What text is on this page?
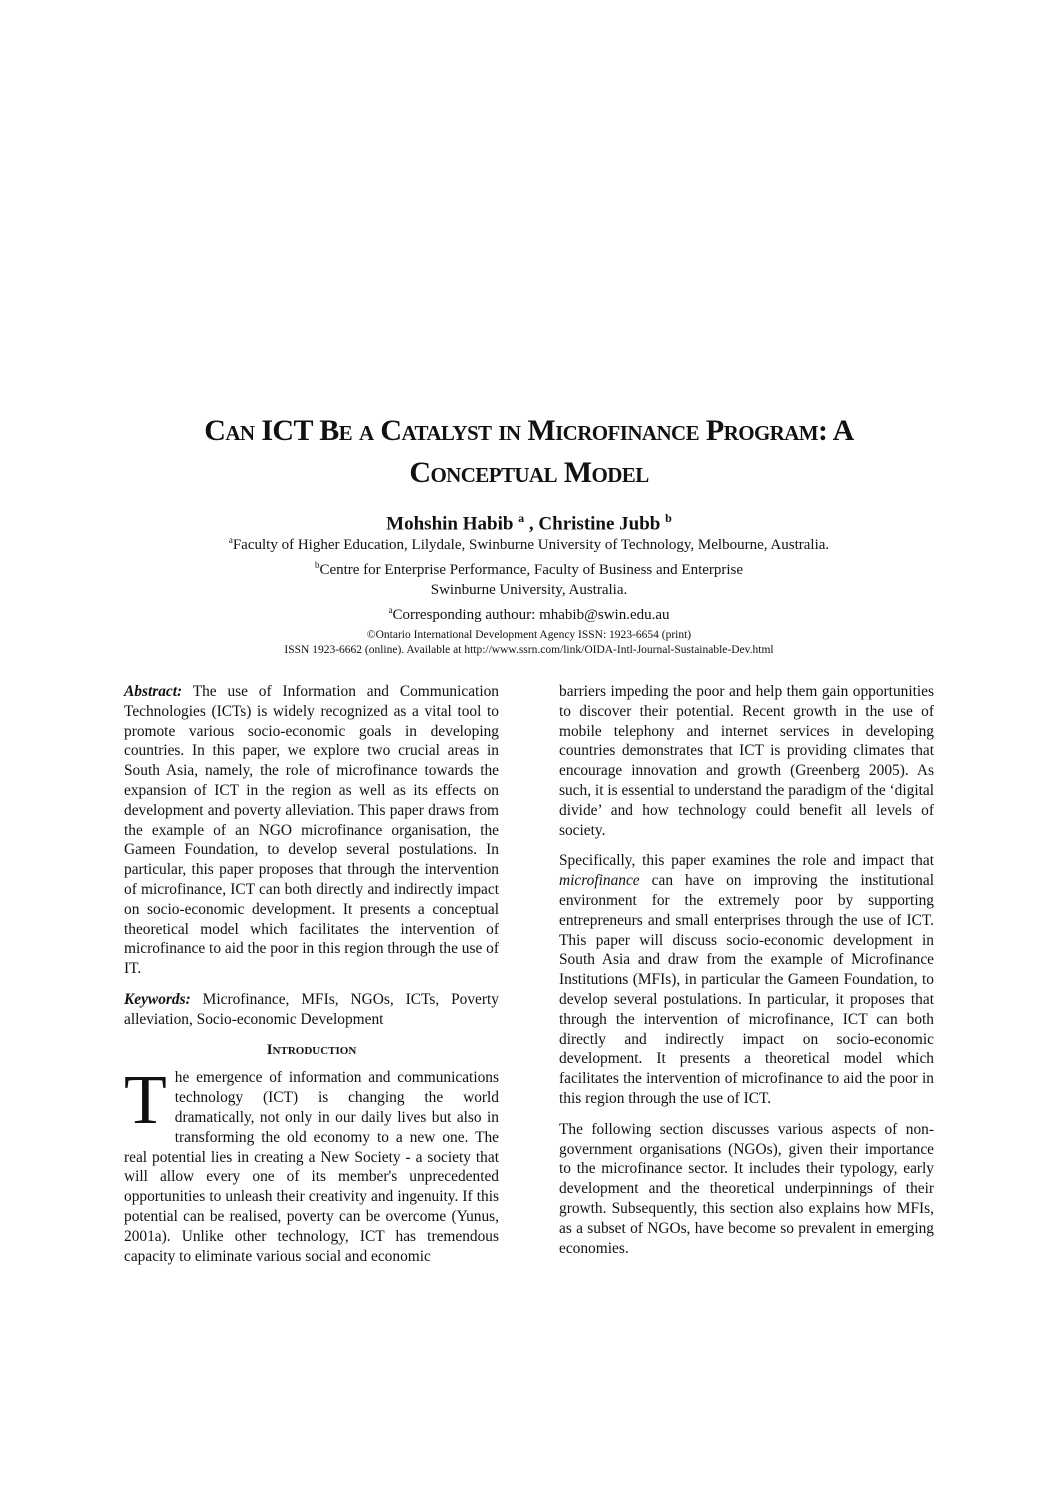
Can ICT Be a Catalyst in Microfinance Program: A
Conceptual Model
Mohshin Habib $^a$ , Christine Jubb $^b$
$^a$Faculty of Higher Education, Lilydale, Swinburne University of Technology, Melbourne, Australia.
$^b$Centre for Enterprise Performance, Faculty of Business and Enterprise
Swinburne University, Australia.
$^a$Corresponding authour: mhabib@swin.edu.au
©Ontario International Development Agency ISSN: 1923-6654 (print)
ISSN 1923-6662 (online). Available at http://www.ssrn.com/link/OIDA-Intl-Journal-Sustainable-Dev.html

Abstract: The use of Information and Communication Technologies (ICTs) is widely recognized as a vital tool to promote various socio-economic goals in developing countries. In this paper, we explore two crucial areas in South Asia, namely, the role of microfinance towards the expansion of ICT in the region as well as its effects on development and poverty alleviation. This paper draws from the example of an NGO microfinance organisation, the Gameen Foundation, to develop several postulations. In particular, this paper proposes that through the intervention of microfinance, ICT can both directly and indirectly impact on socio-economic development. It presents a conceptual theoretical model which facilitates the intervention of microfinance to aid the poor in this region through the use of IT.

Keywords: Microfinance, MFIs, NGOs, ICTs, Poverty alleviation, Socio-economic Development

Introduction

The emergence of information and communications technology (ICT) is changing the world dramatically, not only in our daily lives but also in transforming the old economy to a new one. The real potential lies in creating a New Society - a society that will allow every one of its member's unprecedented opportunities to unleash their creativity and ingenuity. If this potential can be realised, poverty can be overcome (Yunus, 2001a). Unlike other technology, ICT has tremendous capacity to eliminate various social and economic

barriers impeding the poor and help them gain opportunities to discover their potential. Recent growth in the use of mobile telephony and internet services in developing countries demonstrates that ICT is providing climates that encourage innovation and growth (Greenberg 2005). As such, it is essential to understand the paradigm of the ‘digital divide’ and how technology could benefit all levels of society.

Specifically, this paper examines the role and impact that microfinance can have on improving the institutional environment for the extremely poor by supporting entrepreneurs and small enterprises through the use of ICT. This paper will discuss socio-economic development in South Asia and draw from the example of Microfinance Institutions (MFIs), in particular the Gameen Foundation, to develop several postulations. In particular, it proposes that through the intervention of microfinance, ICT can both directly and indirectly impact on socio-economic development. It presents a theoretical model which facilitates the intervention of microfinance to aid the poor in this region through the use of ICT.

The following section discusses various aspects of non-government organisations (NGOs), given their importance to the microfinance sector. It includes their typology, early development and the theoretical underpinnings of their growth. Subsequently, this section also explains how MFIs, as a subset of NGOs, have become so prevalent in emerging economies.
